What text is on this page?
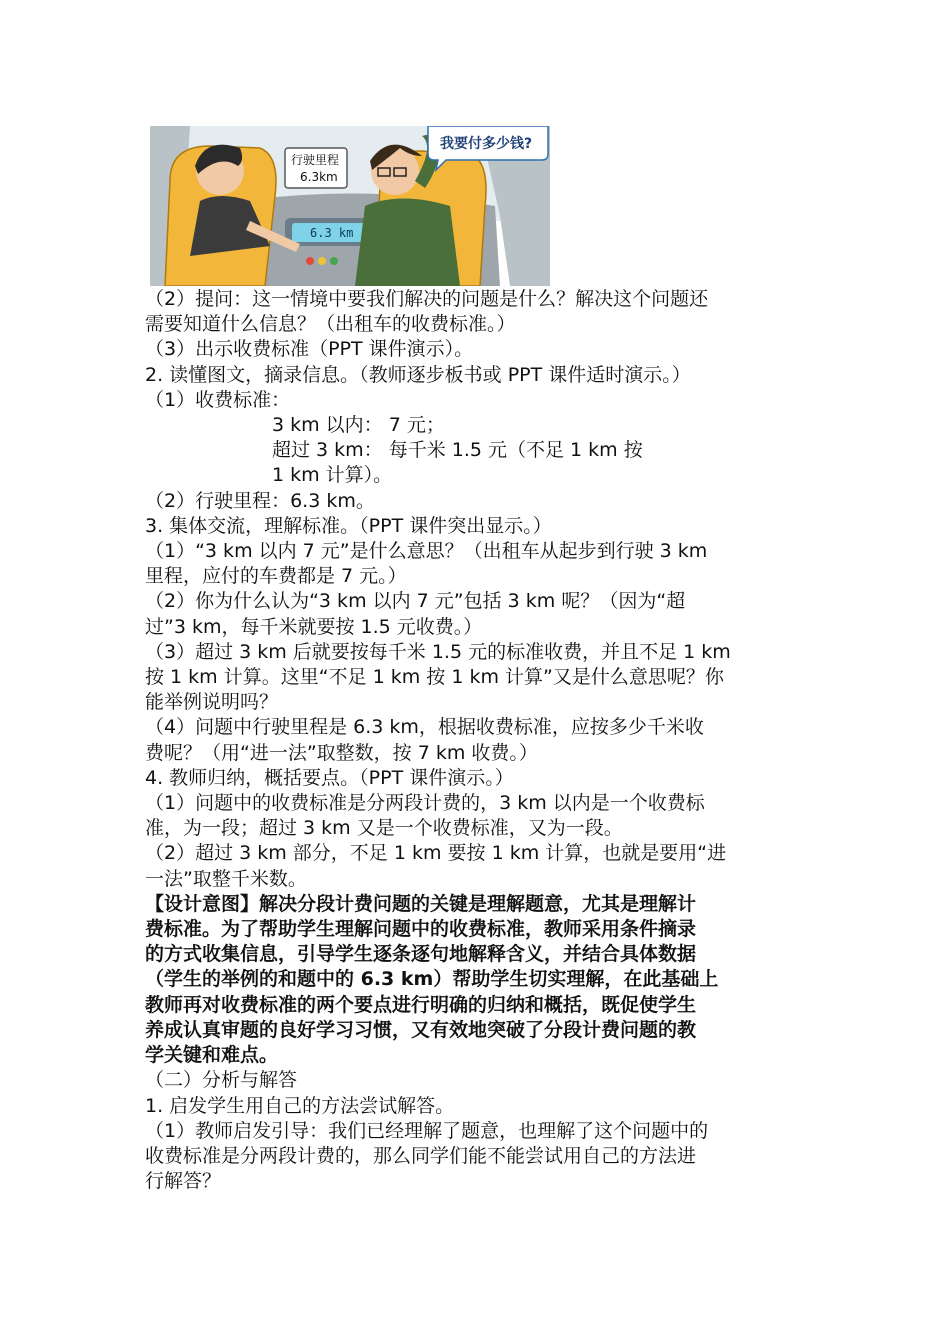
行驶里程
6.3km
6.3 km
我要付多少钱?

（2）提问：这一情境中要我们解决的问题是什么？解决这个问题还

需要知道什么信息？（出租车的收费标准。）

（3）出示收费标准（PPT 课件演示）。

2. 读懂图文，摘录信息。（教师逐步板书或 PPT 课件适时演示。）

（1）收费标准：

3 km 以内： 7 元；

超过 3 km： 每千米 1.5 元（不足 1 km 按

1 km 计算）。

（2）行驶里程：6.3 km。

3. 集体交流，理解标准。（PPT 课件突出显示。）

（1）“3 km 以内 7 元”是什么意思？（出租车从起步到行驶 3 km

里程，应付的车费都是 7 元。）

（2）你为什么认为“3 km 以内 7 元”包括 3 km 呢？（因为“超

过”3 km，每千米就要按 1.5 元收费。）

（3）超过 3 km 后就要按每千米 1.5 元的标准收费，并且不足 1 km

按 1 km 计算。这里“不足 1 km 按 1 km 计算”又是什么意思呢？你

能举例说明吗？

（4）问题中行驶里程是 6.3 km，根据收费标准，应按多少千米收

费呢？（用“进一法”取整数，按 7 km 收费。）

4. 教师归纳，概括要点。（PPT 课件演示。）

（1）问题中的收费标准是分两段计费的，3 km 以内是一个收费标

准，为一段；超过 3 km 又是一个收费标准，又为一段。

（2）超过 3 km 部分，不足 1 km 要按 1 km 计算，也就是要用“进

一法”取整千米数。

【设计意图】解决分段计费问题的关键是理解题意，尤其是理解计

费标准。为了帮助学生理解问题中的收费标准，教师采用条件摘录

的方式收集信息，引导学生逐条逐句地解释含义，并结合具体数据

（学生的举例的和题中的 6.3 km）帮助学生切实理解，在此基础上

教师再对收费标准的两个要点进行明确的归纳和概括，既促使学生

养成认真审题的良好学习习惯，又有效地突破了分段计费问题的教

学关键和难点。

（二）分析与解答

1. 启发学生用自己的方法尝试解答。

（1）教师启发引导：我们已经理解了题意，也理解了这个问题中的

收费标准是分两段计费的，那么同学们能不能尝试用自己的方法进

行解答？
